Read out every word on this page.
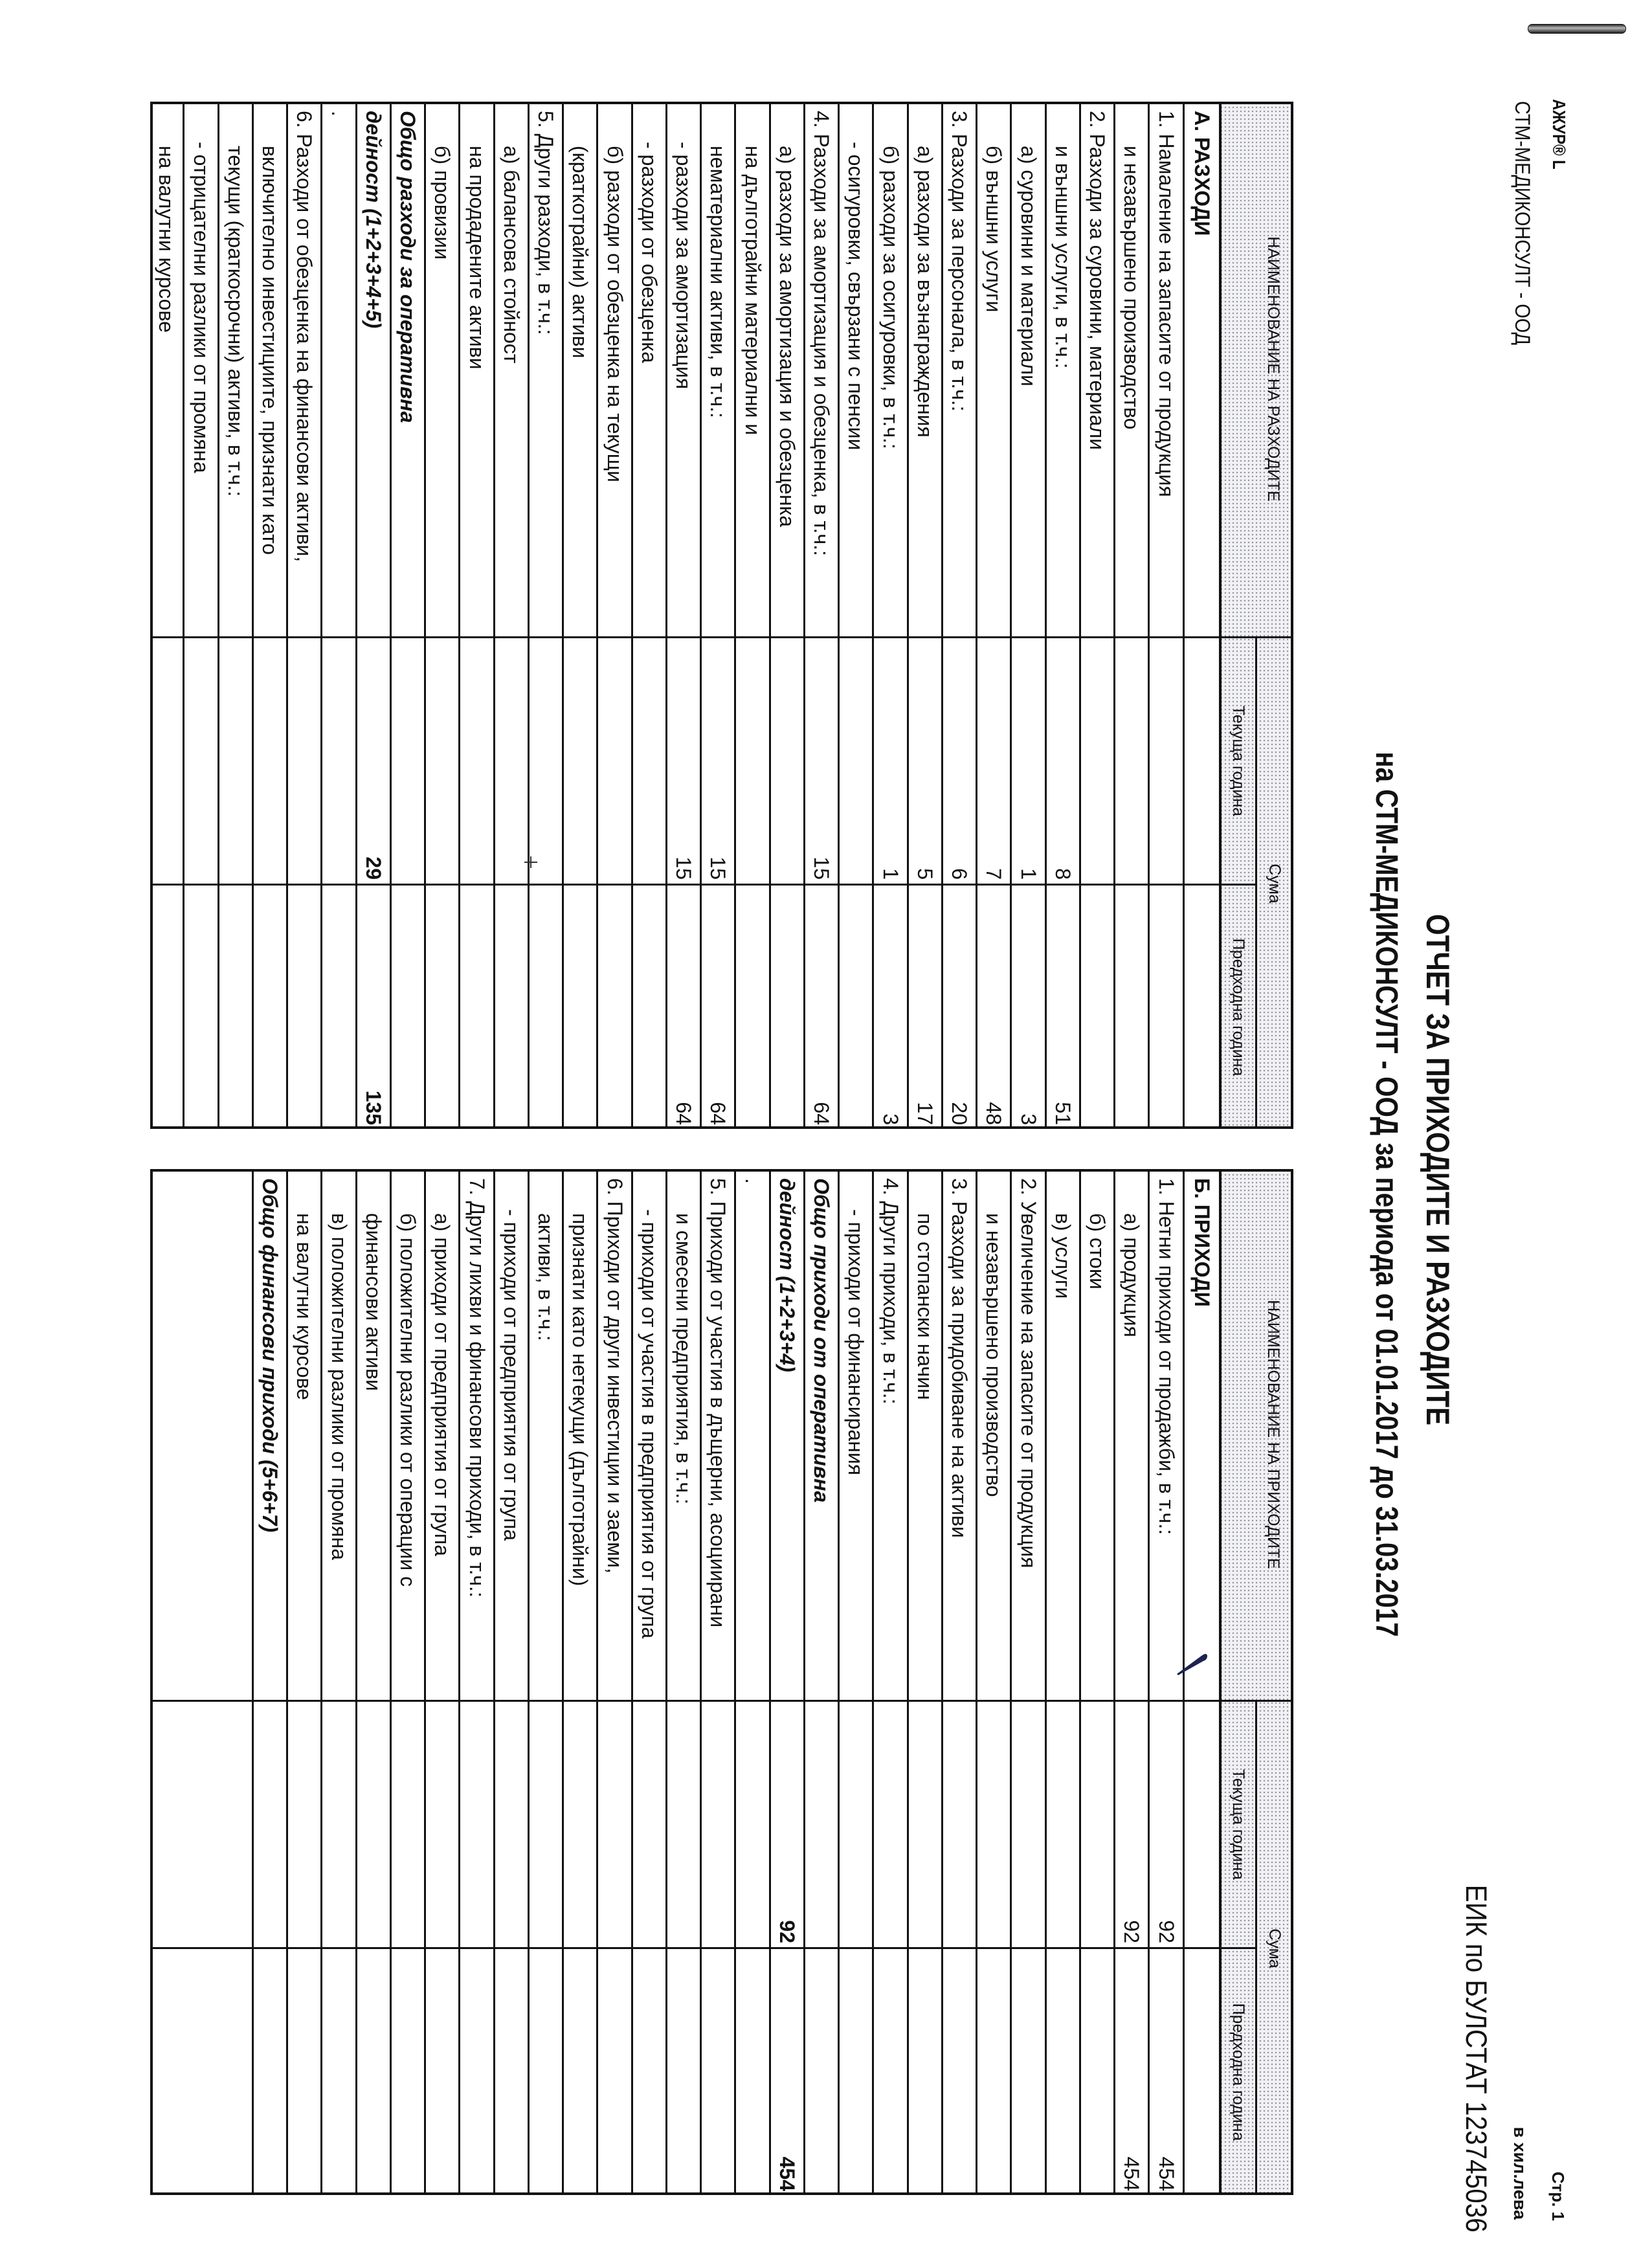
АЖУР® L
СТМ-МЕДИКОНСУЛТ - ООД
Стр. 1
в хил.лева
ЕИК по БУЛСТАТ 123745036
ОТЧЕТ ЗА ПРИХОДИТЕ И РАЗХОДИТЕ
на СТМ-МЕДИКОНСУЛТ - ООД за периода от 01.01.2017 до 31.03.2017
НАИМЕНОВАНИЕ НА РАЗХОДИТЕ
Сума
Текуща година
Предходна година
А. РАЗХОДИ
1. Намаление на запасите от продукция
и незавършено производство
2. Разходи за суровини, материали
и външни услуги, в т.ч.:
8
51
а) суровини и материали
1
3
б) външни услуги
7
48
3. Разходи за персонала, в т.ч.:
6
20
а) разходи за възнаграждения
5
17
б) разходи за осигуровки, в т.ч.:
1
3
- осигуровки, свързани с пенсии
4. Разходи за амортизация и обезценка, в т.ч.:
15
64
а) разходи за амортизация и обезценка
на дълготрайни материални и
нематериални активи, в т.ч.:
15
64
- разходи за амортизация
15
64
- разходи от обезценка
б) разходи от обезценка на текущи
(краткотрайни) активи
5. Други разходи, в т.ч.:
а) балансова стойност
на продадените активи
б) провизии
Общо разходи за оперативна
дейност (1+2+3+4+5)
29
135
.
6. Разходи от обезценка на финансови активи,
включително инвестициите, признати като
текущи (краткосрочни) активи, в т.ч.:
- отрицателни разлики от промяна
на валутни курсове
НАИМЕНОВАНИЕ НА ПРИХОДИТЕ
Сума
Текуща година
Предходна година
Б. ПРИХОДИ
1. Нетни приходи от продажби, в т.ч.:
92
454
а) продукция
92
454
б) стоки
в) услуги
2. Увеличение на запасите от продукция
и незавършено производство
3. Разходи за придобиване на активи
по стопански начин
4. Други приходи, в т.ч.:
- приходи от финансирания
Общо приходи от оперативна
дейност (1+2+3+4)
92
454
.
5. Приходи от участия в дъщерни, асоциирани
и смесени предприятия, в т.ч.:
- приходи от участия в предприятия от група
6. Приходи от други инвестиции и заеми,
признати като нетекущи (дълготрайни)
активи, в т.ч.:
- приходи от предприятия от група
7. Други лихви и финансови приходи, в т.ч.:
а) приходи от предприятия от група
б) положителни разлики от операции с
финансови активи
в) положителни разлики от промяна
на валутни курсове
Общо финансови приходи (5+6+7)
